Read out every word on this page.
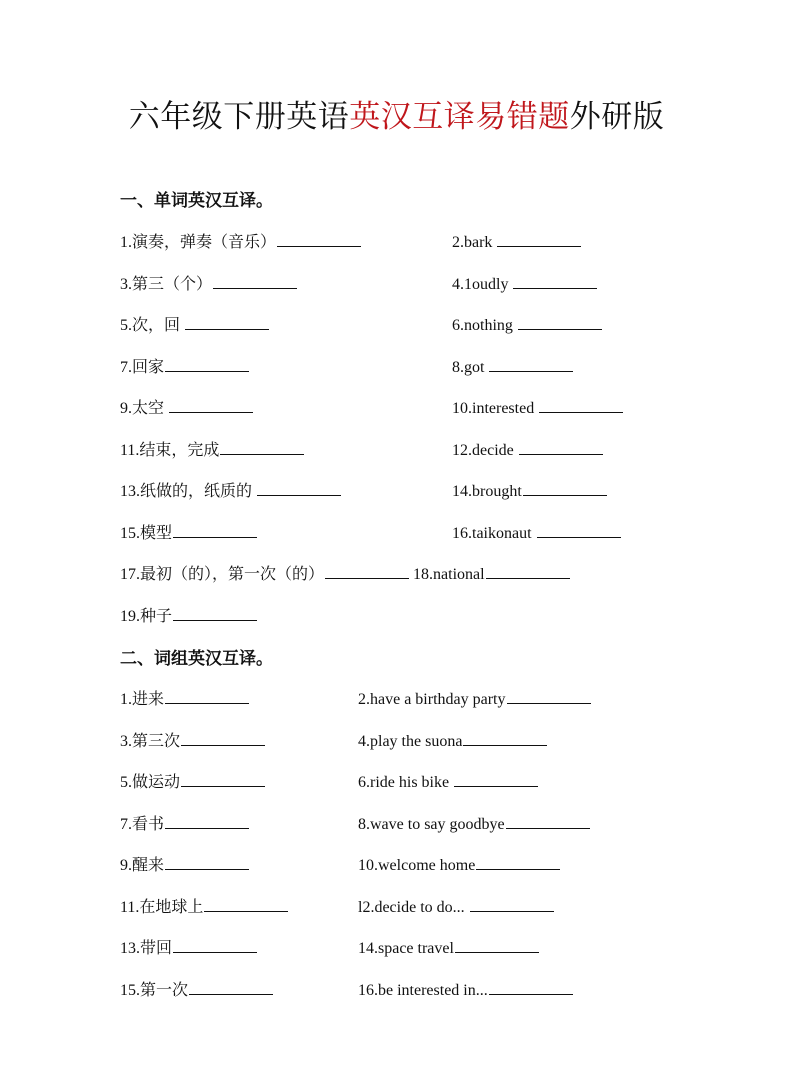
六年级下册英语英汉互译易错题外研版
一、单词英汉互译。
1.演奏，弹奏（音乐）	2.bark
3.第三（个）	4.1oudly
5.次，回	6.nothing
7.回家	8.got
9.太空	10.interested
11.结束，完成	12.decide
13.纸做的，纸质的	14.brought
15.模型	16.taikonaut
17.最初（的），第一次（的）	18.national
19.种子
二、词组英汉互译。
1.进来	2.have a birthday party
3.第三次	4.play the suona
5.做运动	6.ride his bike
7.看书	8.wave to say goodbye
9.醒来	10.welcome home
11.在地球上	l2.decide to do...
13.带回	14.space travel
15.第一次	16.be interested in...
